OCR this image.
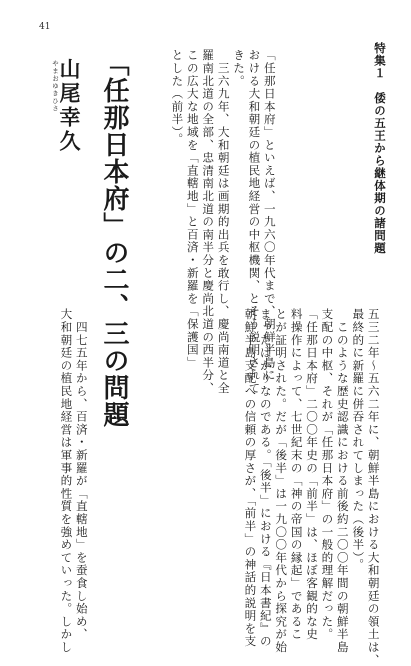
41
特集１　倭の五王から継体期の諸問題
「任那日本府」の二、三の問題
やまおゆきひさ
山尾幸久	「任那日本府」といえば、一九六〇年代まで、朝鮮半島に
おける大和朝廷の植民地経営の中枢機関、とそう説明されて
きた。
　三六九年、大和朝廷は画期的出兵を敢行し、慶尚南道と全
羅南北道の全部、忠清南北道の南半分と慶尚北道の西半分、
この広大な地域を「直轄地」と百済・新羅を「保護国」
とした（前半）。
五三二年～五六二年に、朝鮮半島における大和朝廷の領土は、
最終的に新羅に併吞されてしまった（後半）。
　このような歴史認識における前後約二〇〇年間の朝鮮半島
支配の中枢、それが「任那日本府」の一般的理解だった。
「任那日本府」二〇〇年史の「前半」は、ほぼ客観的な史
料操作によって、七世紀末の「神の帝国の縁起」であるこ
とが証明された。だが「後半」は一九〇〇年代から探究が始
まったばかりなのである。「後半」における『日本書紀』の
朝鮮半島支配への信頼の厚さが、「前半」の神話的説明を支
　四七五年から、百済・新羅が「直轄地」を蚕食し始め、
大和朝廷の植民地経営は軍事的性質を強めていった。しかし
